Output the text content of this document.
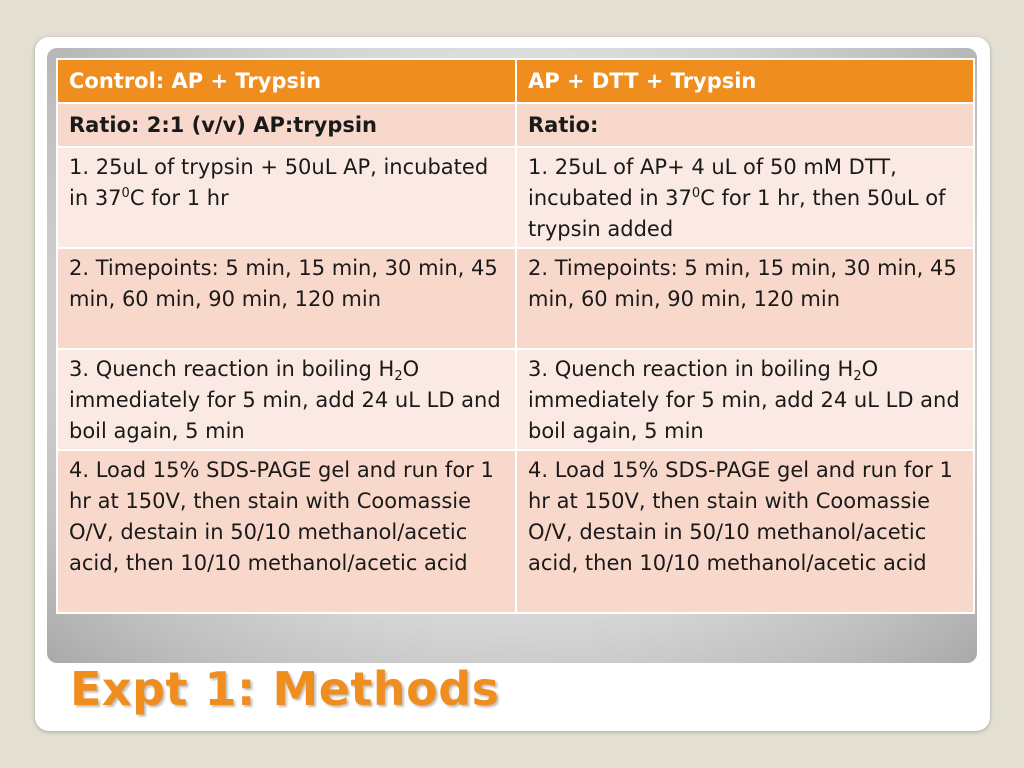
Control: AP + Trypsin	AP + DTT + Trypsin
Ratio: 2:1 (v/v) AP:trypsin	Ratio:
1. 25uL of trypsin + 50uL AP, incubated in $37^0C$ for 1 hr	1. 25uL of AP+ 4 uL of 50 mM DTT, incubated in $37^0C$ for 1 hr, then 50uL of trypsin added
2. Timepoints: 5 min, 15 min, 30 min, 45 min, 60 min, 90 min, 120 min	2. Timepoints: 5 min, 15 min, 30 min, 45 min, 60 min, 90 min, 120 min
3. Quench reaction in boiling $H_2O$ immediately for 5 min, add 24 uL LD and boil again, 5 min	3. Quench reaction in boiling $H_2O$ immediately for 5 min, add 24 uL LD and boil again, 5 min
4. Load 15% SDS-PAGE gel and run for 1 hr at 150V, then stain with Coomassie O/V, destain in 50/10 methanol/acetic acid, then 10/10 methanol/acetic acid	4. Load 15% SDS-PAGE gel and run for 1 hr at 150V, then stain with Coomassie O/V, destain in 50/10 methanol/acetic acid, then 10/10 methanol/acetic acid
Expt 1: Methods
